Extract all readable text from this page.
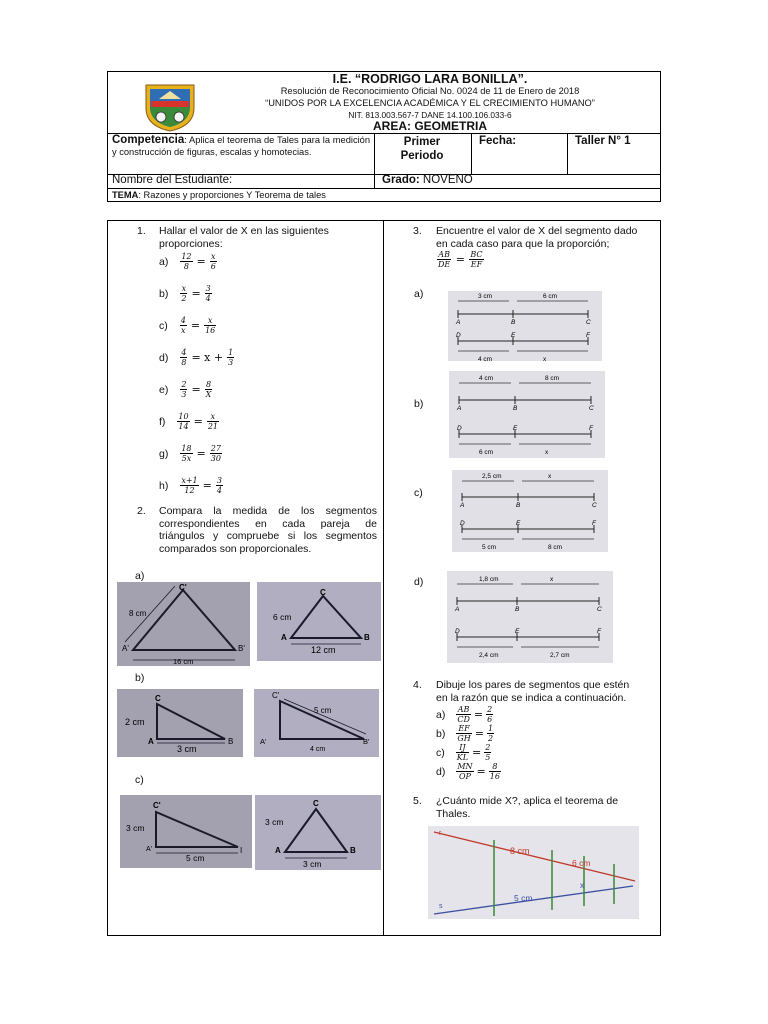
I.E. “RODRIGO LARA BONILLA”.
Resolución de Reconocimiento Oficial No. 0024 de 11 de Enero de 2018
“UNIDOS POR LA EXCELENCIA ACADÉMICA Y EL CRECIMIENTO HUMANO”
NIT. 813.003.567-7 DANE 14.100.106.033-6
AREA: GEOMETRIA
Competencia: Aplica el teorema de Tales para la medición y construcción de figuras, escalas y homotecias.
Primer
Periodo
Fecha:	Taller N° 1
Nombre del Estudiante:	Grado: NOVENO
TEMA: Razones y proporciones Y Teorema de tales
1. Hallar el valor de X en las siguientes
proporciones:
$a) \frac{12}{8} = \frac{x}{6}$
$b) \frac{x}{2} = \frac{3}{4}$
$c) \frac{4}{x} = \frac{x}{16}$
$d) \frac{4}{8} = x + \frac{1}{3}$
$e) \frac{2}{3} = \frac{8}{X}$
$f) \frac{10}{14} = \frac{x}{21}$
$g) \frac{18}{5x} = \frac{27}{30}$
$h) \frac{x+1}{12} = \frac{3}{4}$
2. Compara la medida de los segmentos
correspondientes en cada pareja de
triángulos y compruebe si los segmentos
comparados son proporcionales.
a)
b)
c)
C'
A'	B'
8 cm
16 cm
C
A	B
6 cm
12 cm
C
A	B
2 cm
3 cm
C'
A'	B'
5 cm
4 cm
C'
A'	I
3 cm
5 cm
C
A	B
3 cm
3 cm
3. Encuentre el valor de X del segmento dado
en cada caso para que la proporción;
$\frac{AB}{DE} = \frac{BC}{EF}$
a)
A	B	C
D	E	F
3 cm	6 cm
4 cm	x
b)	A	B	C
D	E	F
4 cm	8 cm
6 cm	x
c)
A	B	C
D	E	F
2,5 cm	x
5 cm	8 cm
d)
A	B	C
D	E	F
1,8 cm	x
2,4 cm	2,7 cm
4. Dibuje los pares de segmentos que estén
en la razón que se indica a continuación.
$a) \frac{AB}{CD} = \frac{2}{6}$
$b) \frac{EF}{GH} = \frac{1}{2}$
$c) \frac{IJ}{KL} = \frac{2}{5}$
$d) \frac{MN}{OP} = \frac{8}{16}$
5. ¿Cuánto mide X?, aplica el teorema de
Thales.
r
s
8 cm
6 cm
5 cm
x
